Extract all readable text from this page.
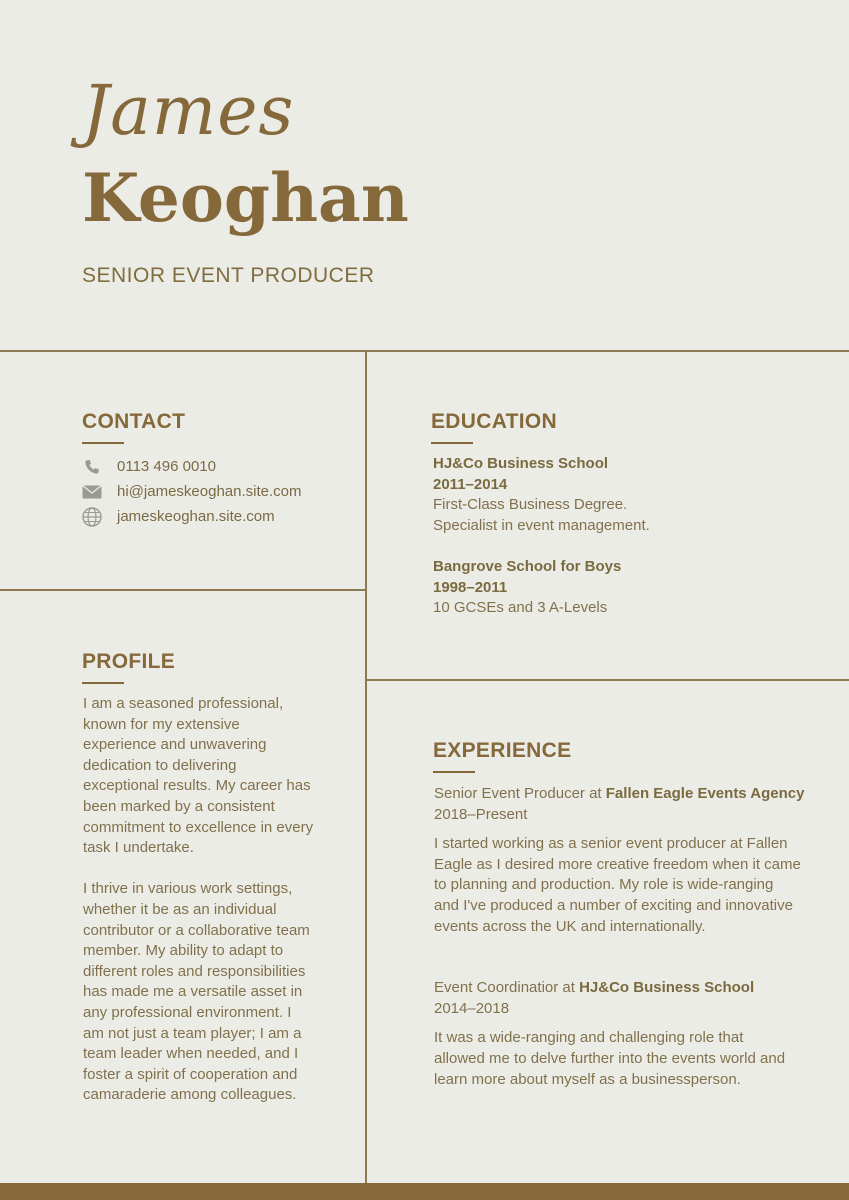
James
Keoghan
SENIOR EVENT PRODUCER
CONTACT
0113 496 0010
hi@jameskeoghan.site.com
jameskeoghan.site.com
PROFILE
I am a seasoned professional,
known for my extensive
experience and unwavering
dedication to delivering
exceptional results. My career has
been marked by a consistent
commitment to excellence in every
task I undertake.
I thrive in various work settings,
whether it be as an individual
contributor or a collaborative team
member. My ability to adapt to
different roles and responsibilities
has made me a versatile asset in
any professional environment. I
am not just a team player; I am a
team leader when needed, and I
foster a spirit of cooperation and
camaraderie among colleagues.
EDUCATION
HJ&Co Business School
2011–2014
First-Class Business Degree.
Specialist in event management.
Bangrove School for Boys
1998–2011
10 GCSEs and 3 A-Levels
EXPERIENCE
Senior Event Producer at Fallen Eagle Events Agency
2018–Present
I started working as a senior event producer at Fallen
Eagle as I desired more creative freedom when it came
to planning and production. My role is wide-ranging
and I've produced a number of exciting and innovative
events across the UK and internationally.
Event Coordinatior at HJ&Co Business School
2014–2018
It was a wide-ranging and challenging role that
allowed me to delve further into the events world and
learn more about myself as a businessperson.
